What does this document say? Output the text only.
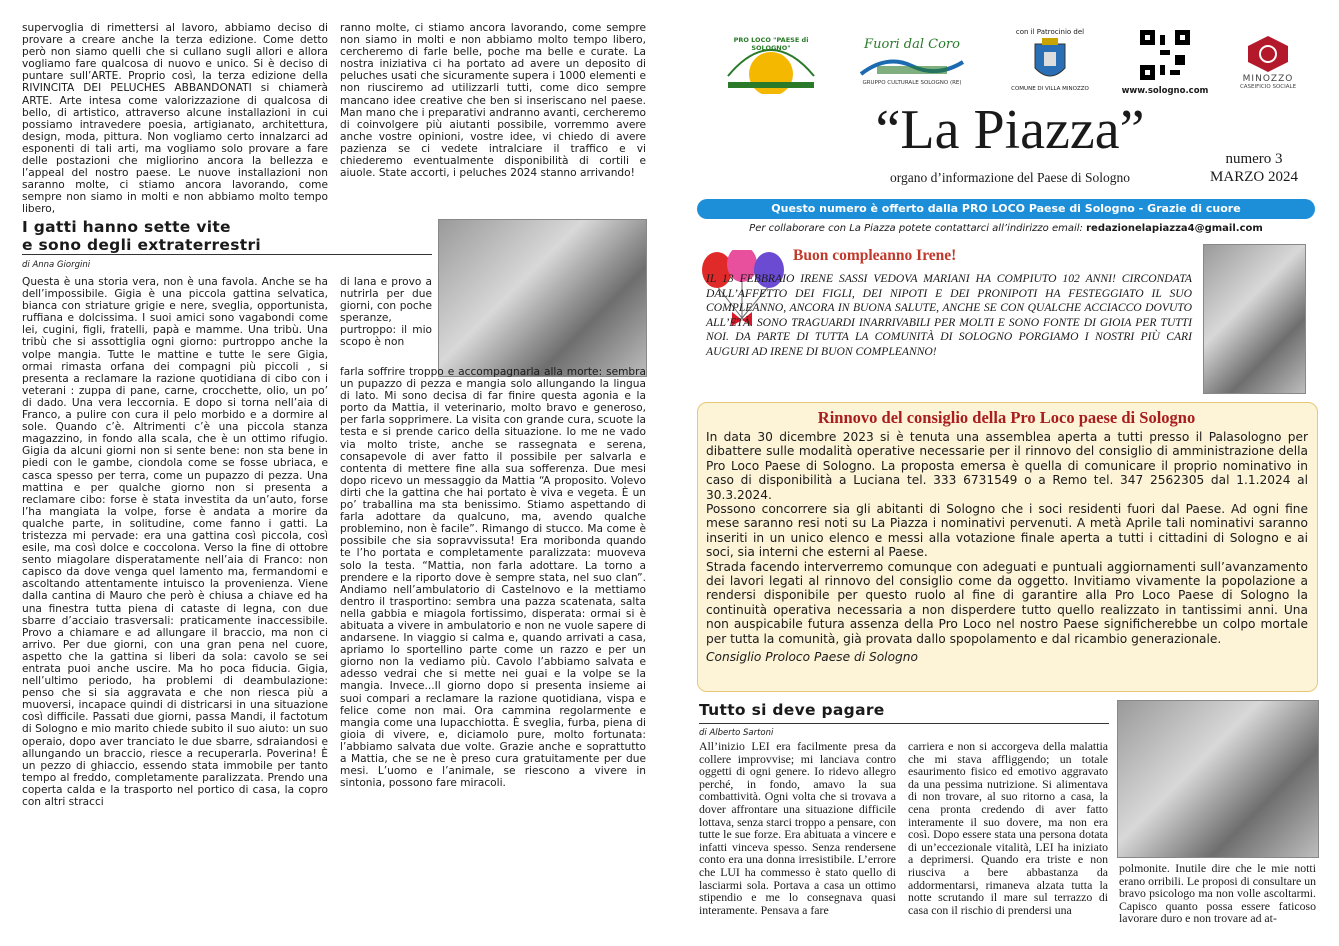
supervoglia di rimettersi al lavoro, abbiamo deciso di provare a creare anche la terza edizione. Come detto però non siamo quelli che si cullano sugli allori e allora vogliamo fare qualcosa di nuovo e unico. Si è deciso di puntare sull’ARTE. Proprio così, la terza edizione della RIVINCITA DEI PELUCHES ABBANDONATI si chiamerà ARTE. Arte intesa come valorizzazione di qualcosa di bello, di artistico, attraverso alcune installazioni in cui possiamo intravedere poesia, artigianato, architettura, design, moda, pittura. Non vogliamo certo innalzarci ad esponenti di tali arti, ma vogliamo solo provare a fare delle postazioni che migliorino ancora la bellezza e l’appeal del nostro paese. Le nuove installazioni non saranno molte, ci stiamo ancora lavorando, come sempre non siamo in molti e non abbiamo molto tempo libero,

ranno molte, ci stiamo ancora lavorando, come sempre non siamo in molti e non abbiamo molto tempo libero, cercheremo di farle belle, poche ma belle e curate. La nostra iniziativa ci ha portato ad avere un deposito di peluches usati che sicuramente supera i 1000 elementi e non riusciremo ad utilizzarli tutti, come dico sempre mancano idee creative che ben si inseriscano nel paese. Man mano che i preparativi andranno avanti, cercheremo di coinvolgere più aiutanti possibile, vorremmo avere anche vostre opinioni, vostre idee, vi chiedo di avere pazienza se ci vedete intralciare il traffico e vi chiederemo eventualmente disponibilità di cortili e aiuole. State accorti, i peluches 2024 stanno arrivando!

I gatti hanno sette vite
e sono degli extraterrestri
di Anna Giorgini

Questa è una storia vera, non è una favola. Anche se ha dell’impossibile. Gigia è una piccola gattina selvatica, bianca con striature grigie e nere, sveglia, opportunista, ruffiana e dolcissima. I suoi amici sono vagabondi come lei, cugini, figli, fratelli, papà e mamme. Una tribù. Una tribù che si assottiglia ogni giorno: purtroppo anche la volpe mangia. Tutte le mattine e tutte le sere Gigia, ormai rimasta orfana dei compagni più piccoli , si presenta a reclamare la razione quotidiana di cibo con i veterani : zuppa di pane, carne, crocchette, olio, un po’ di dado. Una vera leccornia. E dopo si torna nell’aia di Franco, a pulire con cura il pelo morbido e a dormire al sole. Quando c’è. Altrimenti c’è una piccola stanza magazzino, in fondo alla scala, che è un ottimo rifugio. Gigia da alcuni giorni non si sente bene: non sta bene in piedi con le gambe, ciondola come se fosse ubriaca, e casca spesso per terra, come un pupazzo di pezza. Una mattina e per qualche giorno non si presenta a reclamare cibo: forse è stata investita da un’auto, forse l’ha mangiata la volpe, forse è andata a morire da qualche parte, in solitudine, come fanno i gatti. La tristezza mi pervade: era una gattina così piccola, così esile, ma così dolce e coccolona. Verso la fine di ottobre sento miagolare disperatamente nell’aia di Franco: non capisco da dove venga quel lamento ma, fermandomi e ascoltando attentamente intuisco la provenienza. Viene dalla cantina di Mauro che però è chiusa a chiave ed ha una finestra tutta piena di cataste di legna, con due sbarre d’acciaio trasversali: praticamente inaccessibile. Provo a chiamare e ad allungare il braccio, ma non ci arrivo. Per due giorni, con una gran pena nel cuore, aspetto che la gattina si liberi da sola: cavolo se sei entrata puoi anche uscire. Ma ho poca fiducia. Gigia, nell’ultimo periodo, ha problemi di deambulazione: penso che si sia aggravata e che non riesca più a muoversi, incapace quindi di districarsi in una situazione così difficile. Passati due giorni, passa Mandi, il factotum di Sologno e mio marito chiede subito il suo aiuto: un suo operaio, dopo aver tranciato le due sbarre, sdraiandosi e allungando un braccio, riesce a recuperarla. Poverina! È un pezzo di ghiaccio, essendo stata immobile per tanto tempo al freddo, completamente paralizzata. Prendo una coperta calda e la trasporto nel portico di casa, la copro con altri stracci

di lana e provo a nutrirla per due giorni, con poche speranze, purtroppo: il mio scopo è non

farla soffrire troppo e accompagnarla alla morte: sembra un pupazzo di pezza e mangia solo allungando la lingua di lato. Mi sono decisa di far finire questa agonia e la porto da Mattia, il veterinario, molto bravo e generoso, per farla sopprimere. La visita con grande cura, scuote la testa e si prende carico della situazione. Io me ne vado via molto triste, anche se rassegnata e serena, consapevole di aver fatto il possibile per salvarla e contenta di mettere fine alla sua sofferenza. Due mesi dopo ricevo un messaggio da Mattia “A proposito. Volevo dirti che la gattina che hai portato è viva e vegeta. È un po’ traballina ma sta benissimo. Stiamo aspettando di farla adottare da qualcuno, ma, avendo qualche problemino, non è facile”. Rimango di stucco. Ma come è possibile che sia sopravvissuta! Era moribonda quando te l’ho portata e completamente paralizzata: muoveva solo la testa. “Mattia, non farla adottare. La torno a prendere e la riporto dove è sempre stata, nel suo clan”. Andiamo nell’ambulatorio di Castelnovo e la mettiamo dentro il trasportino: sembra una pazza scatenata, salta nella gabbia e miagola fortissimo, disperata: ormai si è abituata a vivere in ambulatorio e non ne vuole sapere di andarsene. In viaggio si calma e, quando arrivati a casa, apriamo lo sportellino parte come un razzo e per un giorno non la vediamo più. Cavolo l’abbiamo salvata e adesso vedrai che si mette nei guai e la volpe se la mangia. Invece...Il giorno dopo si presenta insieme ai suoi compari a reclamare la razione quotidiana, vispa e felice come non mai. Ora cammina regolarmente e mangia come una lupacchiotta. È sveglia, furba, piena di gioia di vivere, e, diciamolo pure, molto fortunata: l’abbiamo salvata due volte. Grazie anche e soprattutto a Mattia, che se ne è preso cura gratuitamente per due mesi. L’uomo e l’animale, se riescono a vivere in sintonia, possono fare miracoli.

PRO LOCO "PAESE di SOLOGNO"	Fuori dal Coro
GRUPPO CULTURALE SOLOGNO (RE)
con il Patrocinio del
COMUNE DI VILLA MINOZZO	www.sologno.com
MINOZZO
CASEIFICIO SOCIALE
“La Piazza”
organo d’informazione del Paese di Sologno
numero 3
MARZO 2024
Questo numero è offerto dalla PRO LOCO Paese di Sologno - Grazie di cuore
Per collaborare con La Piazza potete contattarci all’indirizzo email: redazionelapiazza4@gmail.com
Buon compleanno Irene!
IL 13 FEBBRAIO IRENE SASSI VEDOVA MARIANI HA COMPIUTO 102 ANNI! CIRCONDATA DALL’AFFETTO DEI FIGLI, DEI NIPOTI E DEI PRONIPOTI HA FESTEGGIATO IL SUO COMPLEANNO, ANCORA IN BUONA SALUTE, ANCHE SE CON QUALCHE ACCIACCO DOVUTO ALL’ETÀ. SONO TRAGUARDI INARRIVABILI PER MOLTI E SONO FONTE DI GIOIA PER TUTTI NOI. DA PARTE DI TUTTA LA COMUNITÀ DI SOLOGNO PORGIAMO I NOSTRI PIÙ CARI AUGURI AD IRENE DI BUON COMPLEANNO!
Rinnovo del consiglio della Pro Loco paese di Sologno

In data 30 dicembre 2023 si è tenuta una assemblea aperta a tutti presso il Palasologno per dibattere sulle modalità operative necessarie per il rinnovo del consiglio di amministrazione della Pro Loco Paese di Sologno. La proposta emersa è quella di comunicare il proprio nominativo in caso di disponibilità a Luciana tel. 333 6731549 o a Remo tel. 347 2562305 dal 1.1.2024 al 30.3.2024.

Possono concorrere sia gli abitanti di Sologno che i soci residenti fuori dal Paese. Ad ogni fine mese saranno resi noti su La Piazza i nominativi pervenuti. A metà Aprile tali nominativi saranno inseriti in un unico elenco e messi alla votazione finale aperta a tutti i cittadini di Sologno e ai soci, sia interni che esterni al Paese.

Strada facendo interverremo comunque con adeguati e puntuali aggiornamenti sull’avanzamento dei lavori legati al rinnovo del consiglio come da oggetto. Invitiamo vivamente la popolazione a rendersi disponibile per questo ruolo al fine di garantire alla Pro Loco Paese di Sologno la continuità operativa necessaria a non disperdere tutto quello realizzato in tantissimi anni. Una non auspicabile futura assenza della Pro Loco nel nostro Paese significherebbe un colpo mortale per tutta la comunità, già provata dallo spopolamento e dal ricambio generazionale.

Consiglio Proloco Paese di Sologno

Tutto si deve pagare
di Alberto Sartoni
All’inizio LEI era facilmente presa da collere improvvise; mi lanciava contro oggetti di ogni genere. Io ridevo allegro perché, in fondo, amavo la sua combattività. Ogni volta che si trovava a dover affrontare una situazione difficile lottava, senza starci troppo a pensare, con tutte le sue forze. Era abituata a vincere e infatti vinceva spesso. Senza rendersene conto era una donna irresistibile. L’errore che LUI ha commesso è stato quello di lasciarmi sola. Portava a casa un ottimo stipendio e me lo consegnava quasi interamente. Pensava a fare
carriera e non si accorgeva della malattia che mi stava affliggendo; un totale esaurimento fisico ed emotivo aggravato da una pessima nutrizione. Si alimentava di non trovare, al suo ritorno a casa, la cena pronta credendo di aver fatto interamente il suo dovere, ma non era così. Dopo essere stata una persona dotata di un’eccezionale vitalità, LEI ha iniziato a deprimersi. Quando era triste e non riusciva a bere abbastanza da addormentarsi, rimaneva alzata tutta la notte scrutando il mare sul terrazzo di casa con il rischio di prendersi una
polmonite. Inutile dire che le mie notti erano orribili. Le proposi di consultare un bravo psicologo ma non volle ascoltarmi. Capisco quanto possa essere faticoso lavorare duro e non trovare ad at-
